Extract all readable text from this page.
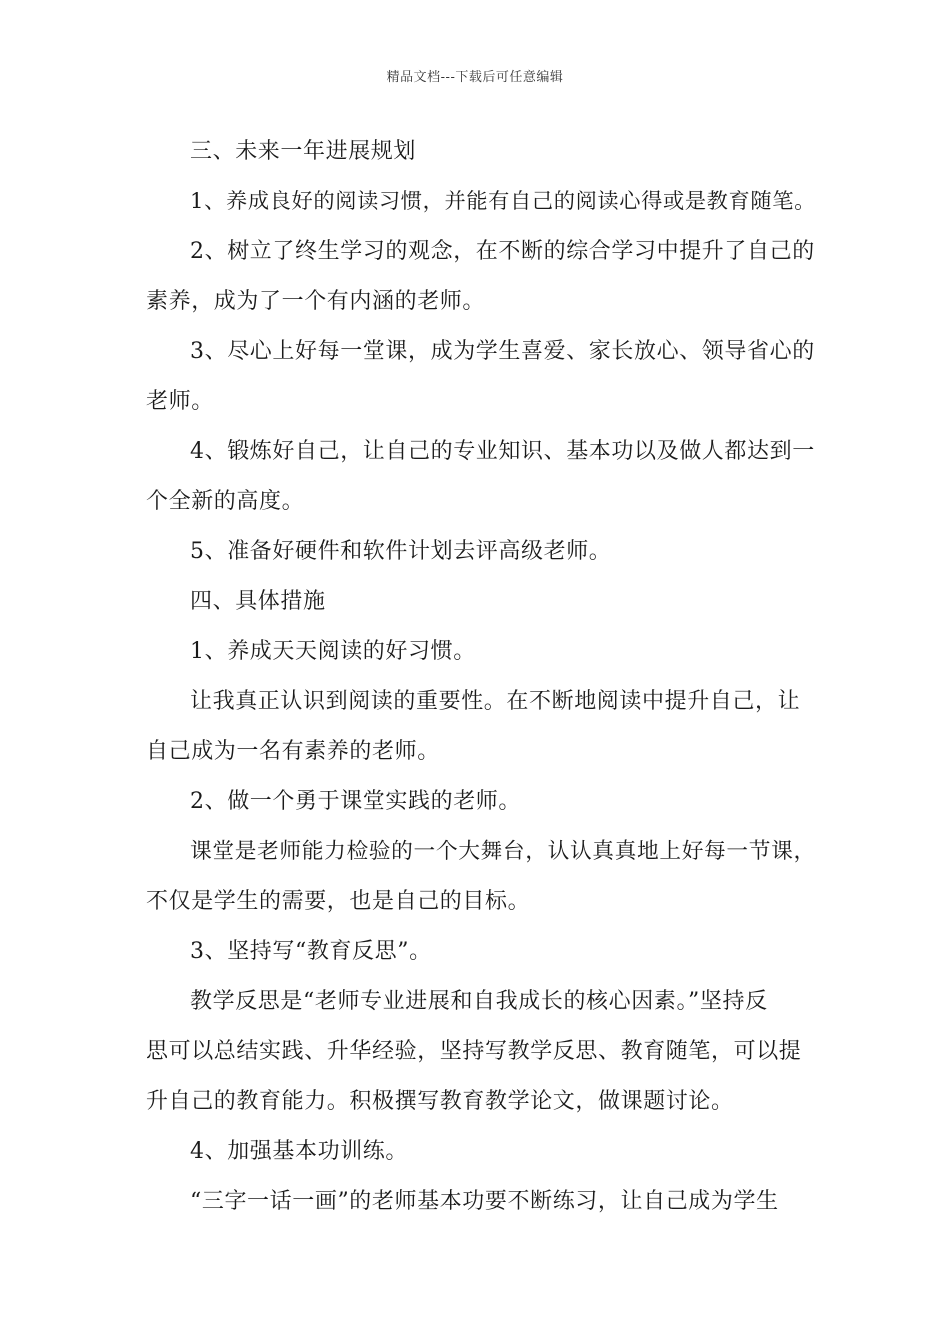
精品文档---下载后可任意编辑
三、未来一年进展规划
1、养成良好的阅读习惯，并能有自己的阅读心得或是教育随笔。
2、树立了终生学习的观念，在不断的综合学习中提升了自己的
素养，成为了一个有内涵的老师。
3、尽心上好每一堂课，成为学生喜爱、家长放心、领导省心的
老师。
4、锻炼好自己，让自己的专业知识、基本功以及做人都达到一
个全新的高度。
5、准备好硬件和软件计划去评高级老师。
四、具体措施
1、养成天天阅读的好习惯。
让我真正认识到阅读的重要性。在不断地阅读中提升自己，让
自己成为一名有素养的老师。
2、做一个勇于课堂实践的老师。
课堂是老师能力检验的一个大舞台，认认真真地上好每一节课，
不仅是学生的需要，也是自己的目标。
3、坚持写“教育反思”。
教学反思是“老师专业进展和自我成长的核心因素。”坚持反
思可以总结实践、升华经验，坚持写教学反思、教育随笔，可以提
升自己的教育能力。积极撰写教育教学论文，做课题讨论。
4、加强基本功训练。
“三字一话一画”的老师基本功要不断练习，让自己成为学生
